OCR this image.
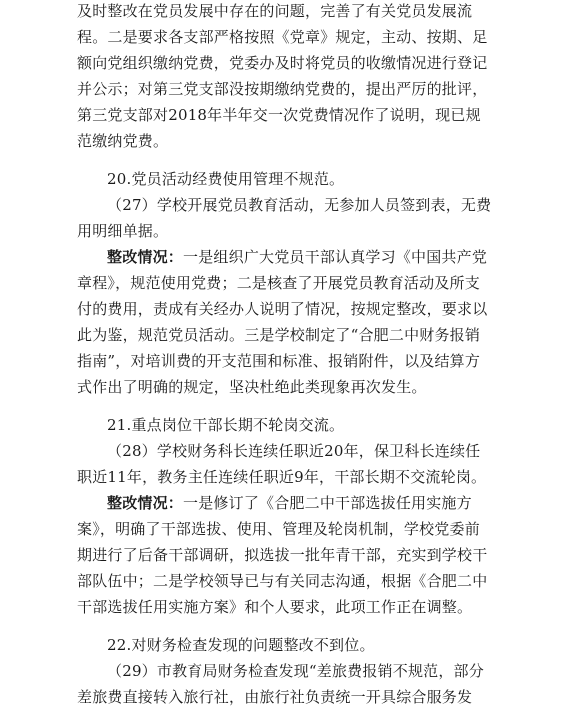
及时整改在党员发展中存在的问题，完善了有关党员发展流
程。二是要求各支部严格按照《党章》规定，主动、按期、足
额向党组织缴纳党费，党委办及时将党员的收缴情况进行登记
并公示；对第三党支部没按期缴纳党费的，提出严厉的批评，
第三党支部对2018年半年交一次党费情况作了说明，现已规
范缴纳党费。
20.党员活动经费使用管理不规范。
（27）学校开展党员教育活动，无参加人员签到表，无费
用明细单据。
整改情况：一是组织广大党员干部认真学习《中国共产党
章程》，规范使用党费；二是核查了开展党员教育活动及所支
付的费用，责成有关经办人说明了情况，按规定整改，要求以
此为鉴，规范党员活动。三是学校制定了“合肥二中财务报销
指南”，对培训费的开支范围和标准、报销附件，以及结算方
式作出了明确的规定，坚决杜绝此类现象再次发生。
21.重点岗位干部长期不轮岗交流。
（28）学校财务科长连续任职近20年，保卫科长连续任
职近11年，教务主任连续任职近9年，干部长期不交流轮岗。
整改情况：一是修订了《合肥二中干部选拔任用实施方
案》，明确了干部选拔、使用、管理及轮岗机制，学校党委前
期进行了后备干部调研，拟选拔一批年青干部，充实到学校干
部队伍中；二是学校领导已与有关同志沟通，根据《合肥二中
干部选拔任用实施方案》和个人要求，此项工作正在调整。
22.对财务检查发现的问题整改不到位。
（29）市教育局财务检查发现“差旅费报销不规范，部分
差旅费直接转入旅行社，由旅行社负责统一开具综合服务发
